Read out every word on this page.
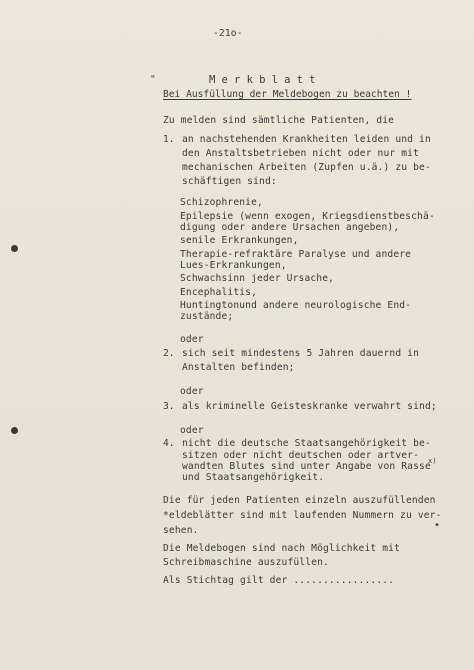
-21o-
"	Merkblatt
Bei Ausfüllung der Meldebogen zu beachten !
Zu melden sind sämtliche Patienten, die
1. an nachstehenden Krankheiten leiden und in
den Anstaltsbetrieben nicht oder nur mit
mechanischen Arbeiten (Zupfen u.ä.) zu be-
schäftigen sind:
Schizophrenie,
Epilepsie (wenn exogen, Kriegsdienstbeschä-
digung oder andere Ursachen angeben),
senile Erkrankungen,
Therapie-refraktäre Paralyse und andere
Lues-Erkrankungen,
Schwachsinn jeder Ursache,
Encephalitis,
Huntingtonund andere neurologische End-
zustände;
oder
2. sich seit mindestens 5 Jahren dauernd in
Anstalten befinden;
oder
3. als kriminelle Geisteskranke verwahrt sind;
oder
4. nicht die deutsche Staatsangehörigkeit be-
sitzen oder nicht deutschen oder artver-
wandten Blutes sind unter Angabe von Rasse
x)
und Staatsangehörigkeit.
Die für jeden Patienten einzeln auszufüllenden
*eldeblätter sind mit laufenden Nummern zu ver-
sehen.	•
Die Meldebogen sind nach Möglichkeit mit
Schreibmaschine auszufüllen.
Als Stichtag gilt der .................
